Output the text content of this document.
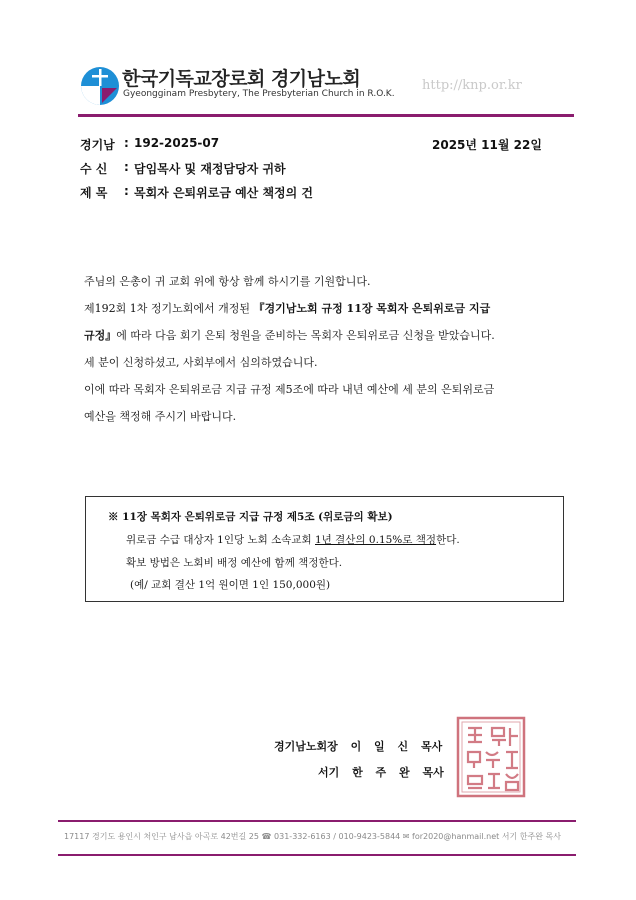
한국기독교장로회 경기남노회
Gyeongginam Presbytery, The Presbyterian Church in R.O.K.
http://knp.or.kr
경기남 : 192-2025-07	2025년 11월 22일
수 신 : 담임목사 및 재정담당자 귀하
제 목 : 목회자 은퇴위로금 예산 책정의 건

주님의 은총이 귀 교회 위에 항상 함께 하시기를 기원합니다.

제192회 1차 정기노회에서 개정된 『경기남노회 규정 11장 목회자 은퇴위로금 지급

규정』에 따라 다음 회기 은퇴 청원을 준비하는 목회자 은퇴위로금 신청을 받았습니다.

세 분이 신청하셨고, 사회부에서 심의하였습니다.

이에 따라 목회자 은퇴위로금 지급 규정 제5조에 따라 내년 예산에 세 분의 은퇴위로금

예산을 책정해 주시기 바랍니다.

※ 11장 목회자 은퇴위로금 지급 규정 제5조 (위로금의 확보)
위로금 수급 대상자 1인당 노회 소속교회 1년 결산의 0.15%로 책정한다.
확보 방법은 노회비 배정 예산에 함께 책정한다.
(예/ 교회 결산 1억 원이면 1인 150,000원)
경기남노회장 이 일 신 목사
서기 한 주 완 목사
17117 경기도 용인시 처인구 남사읍 아곡로 42번길 25 ☎ 031-332-6163 / 010-9423-5844 ✉ for2020@hanmail.net 서기 한주완 목사
